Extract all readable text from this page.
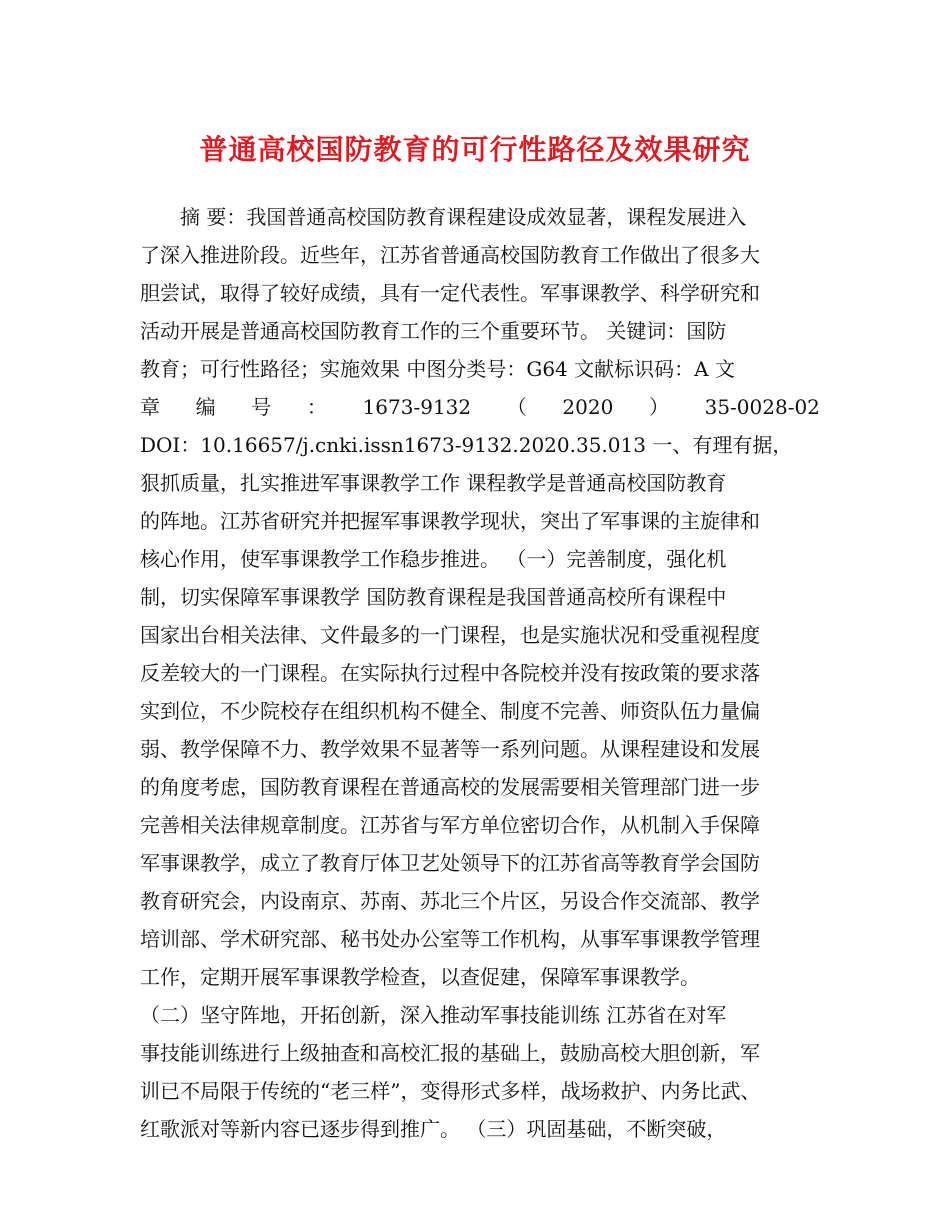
普通高校国防教育的可行性路径及效果研究
摘 要：我国普通高校国防教育课程建设成效显著，课程发展进入
了深入推进阶段。近些年，江苏省普通高校国防教育工作做出了很多大
胆尝试，取得了较好成绩，具有一定代表性。军事课教学、科学研究和
活动开展是普通高校国防教育工作的三个重要环节。 关键词：国防
教育；可行性路径；实施效果 中图分类号：G64 文献标识码：A 文
章 编 号 ： 1673-9132 （ 2020 ） 35-0028-02
DOI：10.16657/j.cnki.issn1673-9132.2020.35.013 一、有理有据，
狠抓质量，扎实推进军事课教学工作 课程教学是普通高校国防教育
的阵地。江苏省研究并把握军事课教学现状，突出了军事课的主旋律和
核心作用，使军事课教学工作稳步推进。 （一）完善制度，强化机
制，切实保障军事课教学 国防教育课程是我国普通高校所有课程中
国家出台相关法律、文件最多的一门课程，也是实施状况和受重视程度
反差较大的一门课程。在实际执行过程中各院校并没有按政策的要求落
实到位，不少院校存在组织机构不健全、制度不完善、师资队伍力量偏
弱、教学保障不力、教学效果不显著等一系列问题。从课程建设和发展
的角度考虑，国防教育课程在普通高校的发展需要相关管理部门进一步
完善相关法律规章制度。江苏省与军方单位密切合作，从机制入手保障
军事课教学，成立了教育厅体卫艺处领导下的江苏省高等教育学会国防
教育研究会，内设南京、苏南、苏北三个片区，另设合作交流部、教学
培训部、学术研究部、秘书处办公室等工作机构，从事军事课教学管理
工作，定期开展军事课教学检查，以查促建，保障军事课教学。
（二）坚守阵地，开拓创新，深入推动军事技能训练 江苏省在对军
事技能训练进行上级抽查和高校汇报的基础上，鼓励高校大胆创新，军
训已不局限于传统的“老三样”，变得形式多样，战场救护、内务比武、
红歌派对等新内容已逐步得到推广。 （三）巩固基础，不断突破，
